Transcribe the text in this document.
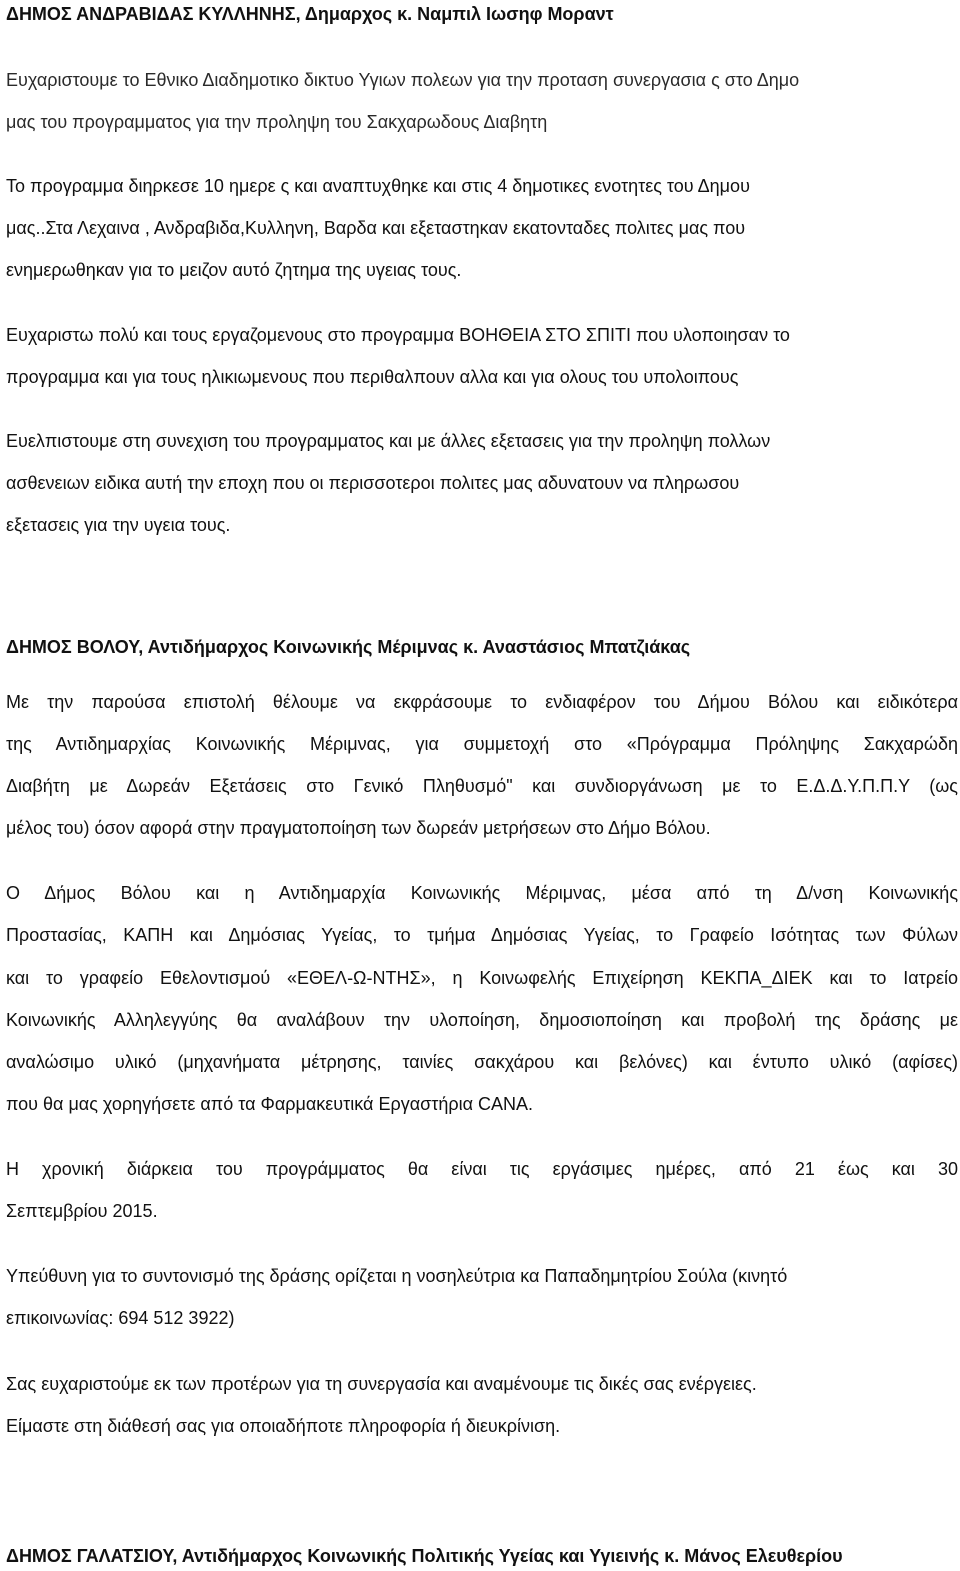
ΔΗΜΟΣ ΑΝΔΡΑΒΙΔΑΣ ΚΥΛΛΗΝΗΣ, Δημαρχος κ. Ναμπιλ Ιωσηφ Μοραντ
Ευχαριστουμε το Εθνικο Διαδημοτικο δικτυο Υγιων πολεων για την προταση συνεργασια ς στο Δημο
μας του προγραμματος για την προληψη του Σακχαρωδους Διαβητη
Το προγραμμα διηρκεσε 10 ημερε ς και αναπτυχθηκε και στις 4 δημοτικες ενοτητες του Δημου
μας..Στα Λεχαινα , Ανδραβιδα,Κυλληνη, Βαρδα και εξεταστηκαν εκατονταδες πολιτες μας που
ενημερωθηκαν για το μειζον αυτό ζητημα της υγειας τους.
Ευχαριστω πολύ και τους εργαζομενους στο προγραμμα ΒΟΗΘΕΙΑ ΣΤΟ ΣΠΙΤΙ που υλοποιησαν το
προγραμμα και για τους ηλικιωμενους που περιθαλπουν αλλα και για ολους του υπολοιπους
Ευελπιστουμε στη συνεχιση του προγραμματος και με άλλες εξετασεις για την προληψη πολλων
ασθενειων ειδικα αυτή την εποχη που οι περισσοτεροι πολιτες μας αδυνατουν να πληρωσου
εξετασεις για την υγεια τους.
ΔΗΜΟΣ ΒΟΛΟΥ, Αντιδήμαρχος Κοινωνικής Μέριμνας κ. Αναστάσιος Μπατζιάκας
Με την παρούσα επιστολή θέλουμε να εκφράσουμε το ενδιαφέρον του Δήμου Βόλου και ειδικότερα
της Αντιδημαρχίας Κοινωνικής Μέριμνας, για συμμετοχή στο «Πρόγραμμα Πρόληψης Σακχαρώδη
Διαβήτη με Δωρεάν Εξετάσεις στο Γενικό Πληθυσμό" και συνδιοργάνωση με το Ε.Δ.Δ.Υ.Π.Π.Υ (ως
μέλος του) όσον αφορά στην πραγματοποίηση των δωρεάν μετρήσεων στο Δήμο Βόλου.
Ο Δήμος Βόλου και η Αντιδημαρχία Κοινωνικής Μέριμνας, μέσα από τη Δ/νση Κοινωνικής
Προστασίας, ΚΑΠΗ και Δημόσιας Υγείας, το τμήμα Δημόσιας Υγείας, το Γραφείο Ισότητας των Φύλων
και το γραφείο Εθελοντισμού «ΕΘΕΛ-Ω-ΝΤΗΣ», η Κοινωφελής Επιχείρηση ΚΕΚΠΑ_ΔΙΕΚ και το Ιατρείο
Κοινωνικής Αλληλεγγύης θα αναλάβουν την υλοποίηση, δημοσιοποίηση και προβολή της δράσης με
αναλώσιμο υλικό (μηχανήματα μέτρησης, ταινίες σακχάρου και βελόνες) και έντυπο υλικό (αφίσες)
που θα μας χορηγήσετε από τα Φαρμακευτικά Εργαστήρια CANA.
Η χρονική διάρκεια του προγράμματος θα είναι τις εργάσιμες ημέρες, από 21 έως και 30
Σεπτεμβρίου 2015.
Υπεύθυνη για το συντονισμό της δράσης ορίζεται η νοσηλεύτρια κα Παπαδημητρίου Σούλα (κινητό
επικοινωνίας: 694 512 3922)
Σας ευχαριστούμε εκ των προτέρων για τη συνεργασία και αναμένουμε τις δικές σας ενέργειες.
Είμαστε στη διάθεσή σας για οποιαδήποτε πληροφορία ή διευκρίνιση.
ΔΗΜΟΣ ΓΑΛΑΤΣΙΟΥ, Αντιδήμαρχος Κοινωνικής Πολιτικής Υγείας και Υγιεινής κ. Μάνος Ελευθερίου
